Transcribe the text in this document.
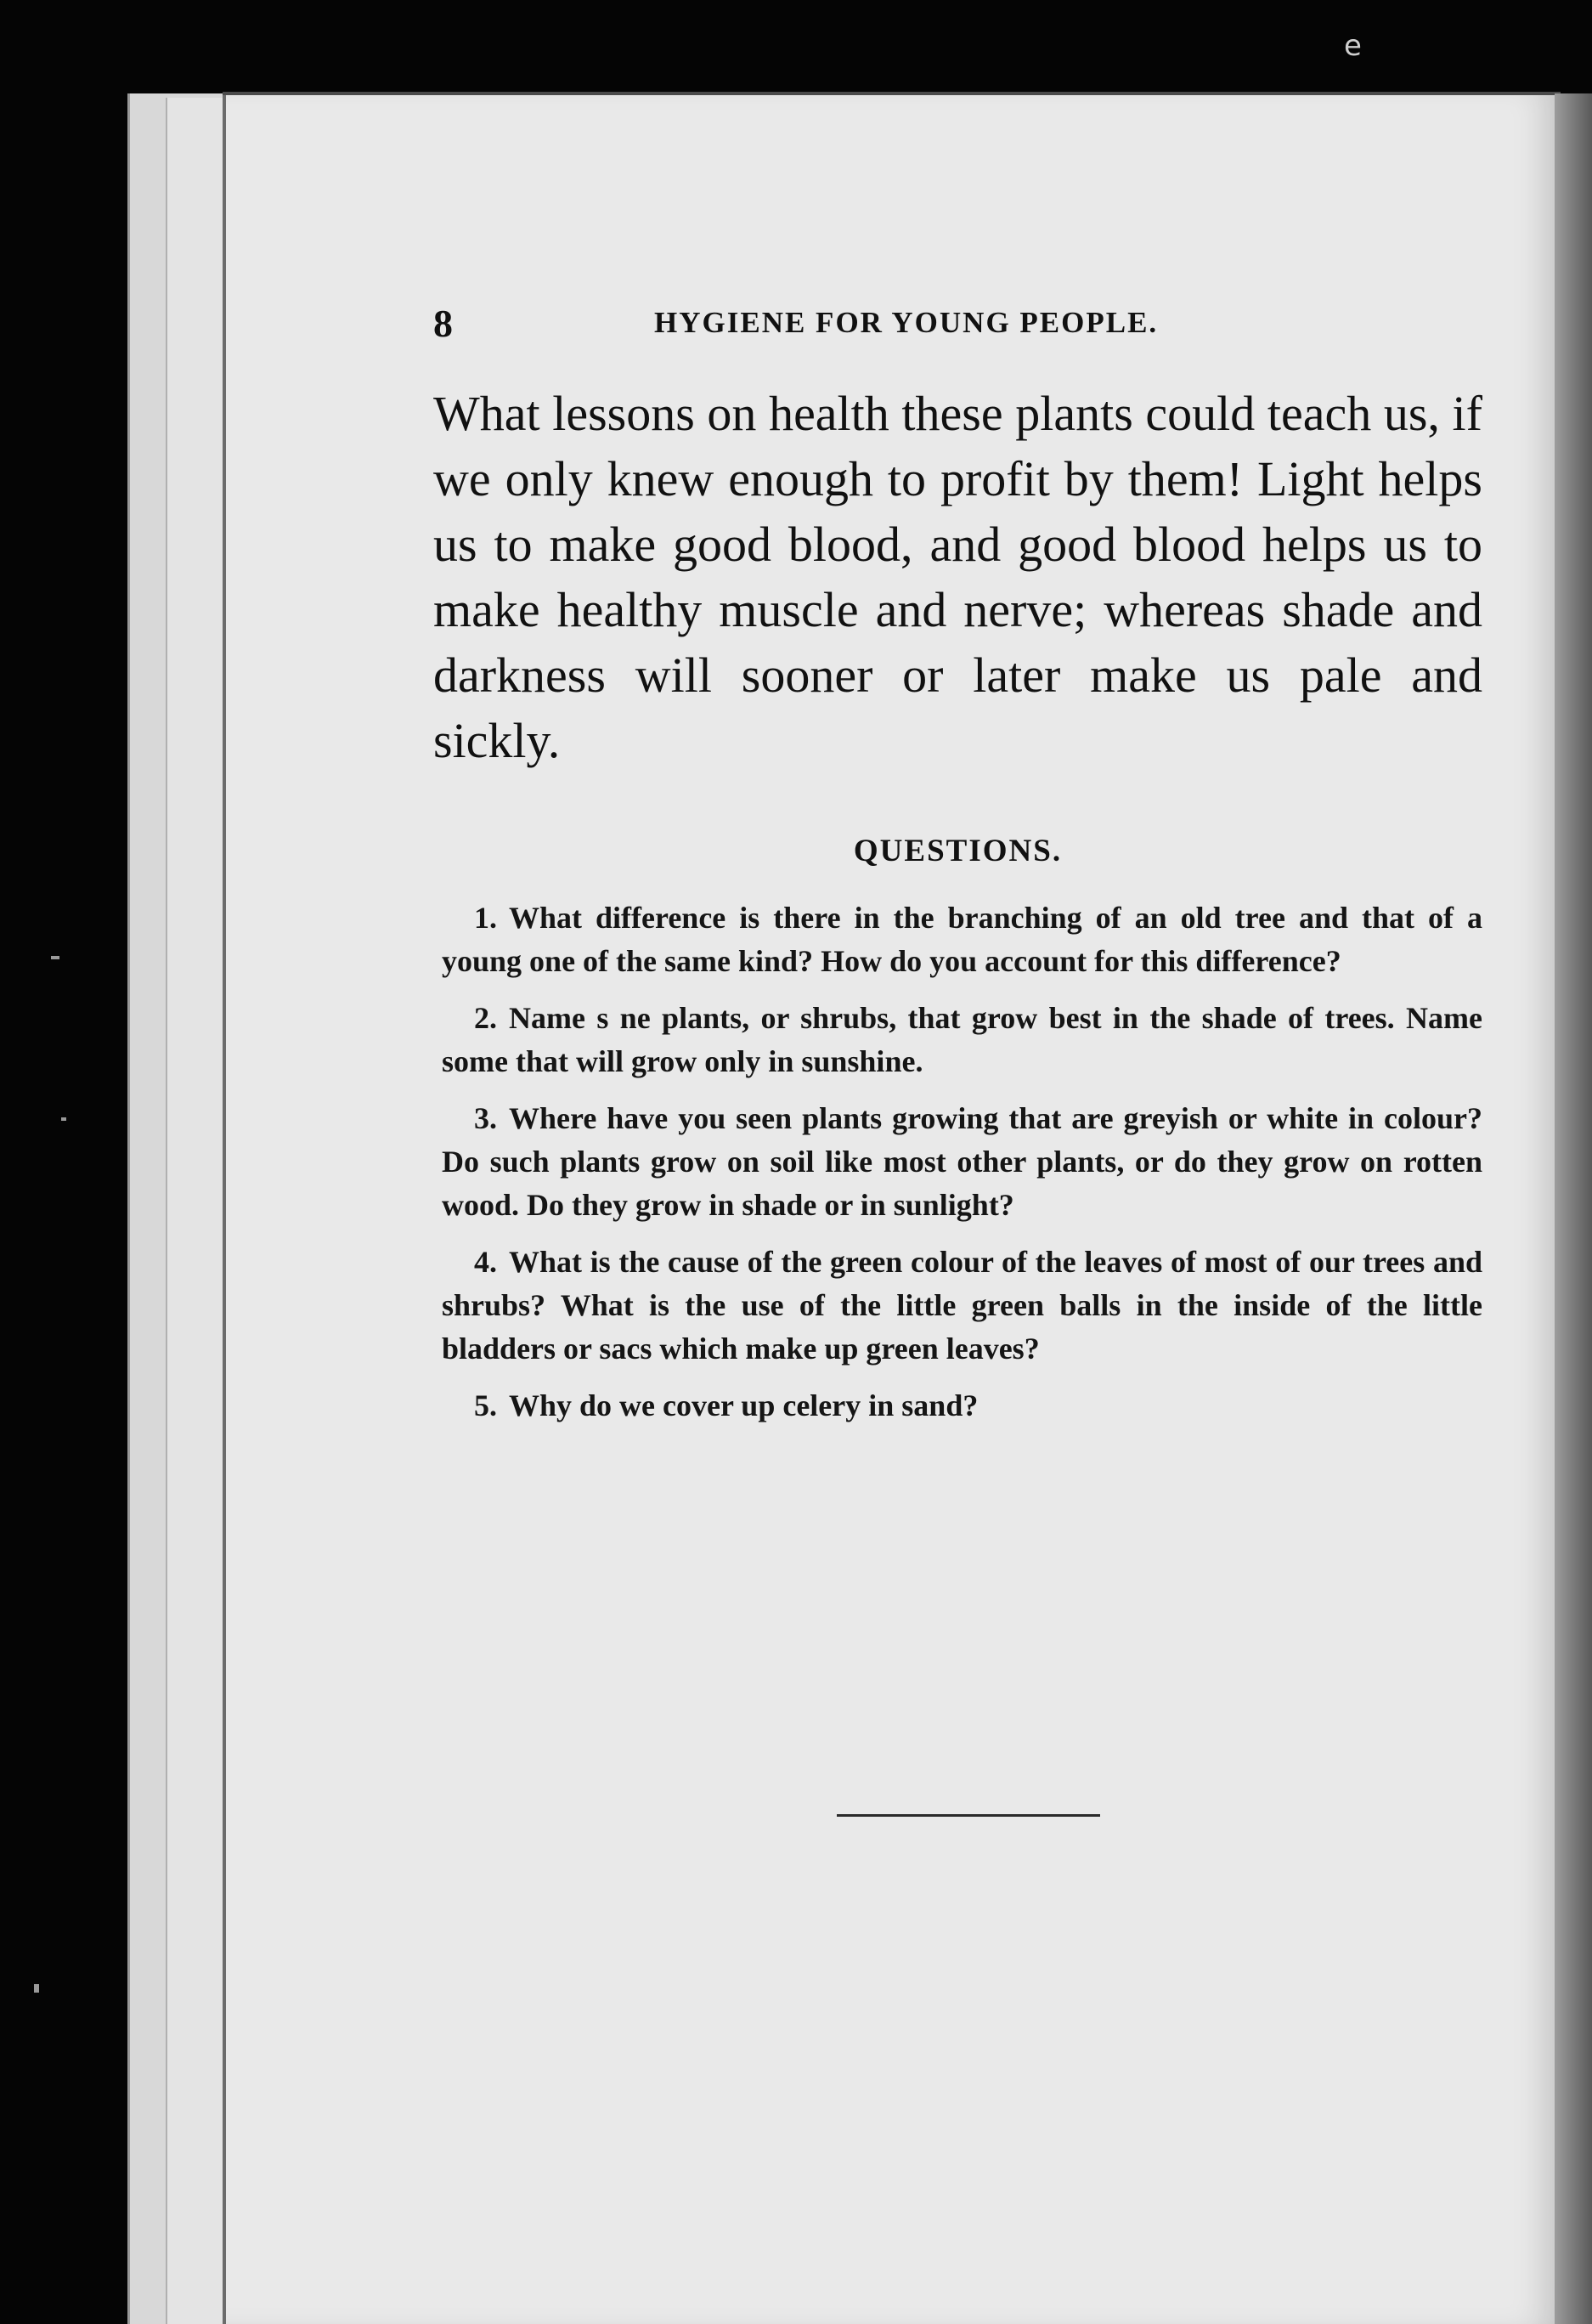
e
8	HYGIENE FOR YOUNG PEOPLE.

What lessons on health these plants could teach us, if we only knew enough to profit by them! Light helps us to make good blood, and good blood helps us to make healthy muscle and nerve; whereas shade and darkness will sooner or later make us pale and sickly.

QUESTIONS.
1. What difference is there in the branching of an old tree and that of a young one of the same kind? How do you account for this difference?
2. Name s ne plants, or shrubs, that grow best in the shade of trees. Name some that will grow only in sunshine.
3. Where have you seen plants growing that are greyish or white in colour? Do such plants grow on soil like most other plants, or do they grow on rotten wood. Do they grow in shade or in sunlight?
4. What is the cause of the green colour of the leaves of most of our trees and shrubs? What is the use of the little green balls in the inside of the little bladders or sacs which make up green leaves?
5. Why do we cover up celery in sand?
